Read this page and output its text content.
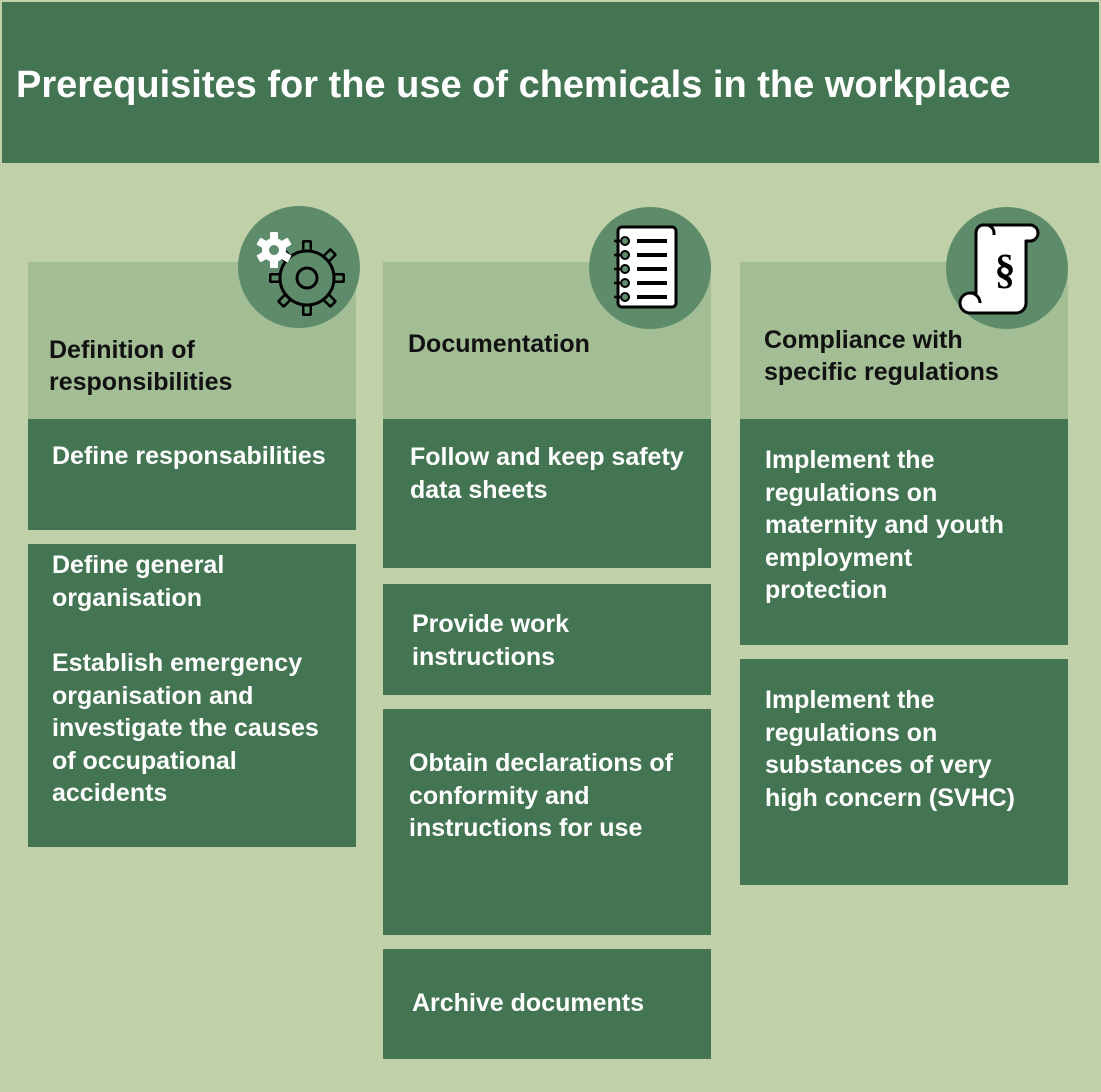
Prerequisites for the use of chemicals in the workplace
Definition of responsibilities

Define responsabilities

Define general organisation

Establish emergency organisation and investigate the causes of occupational accidents

Documentation

Follow and keep safety data sheets

Provide work instructions

Obtain declarations of conformity and instructions for use

Archive documents

Compliance with specific regulations
§

Implement the regulations on maternity and youth employment protection

Implement the regulations on substances of very high concern (SVHC)
